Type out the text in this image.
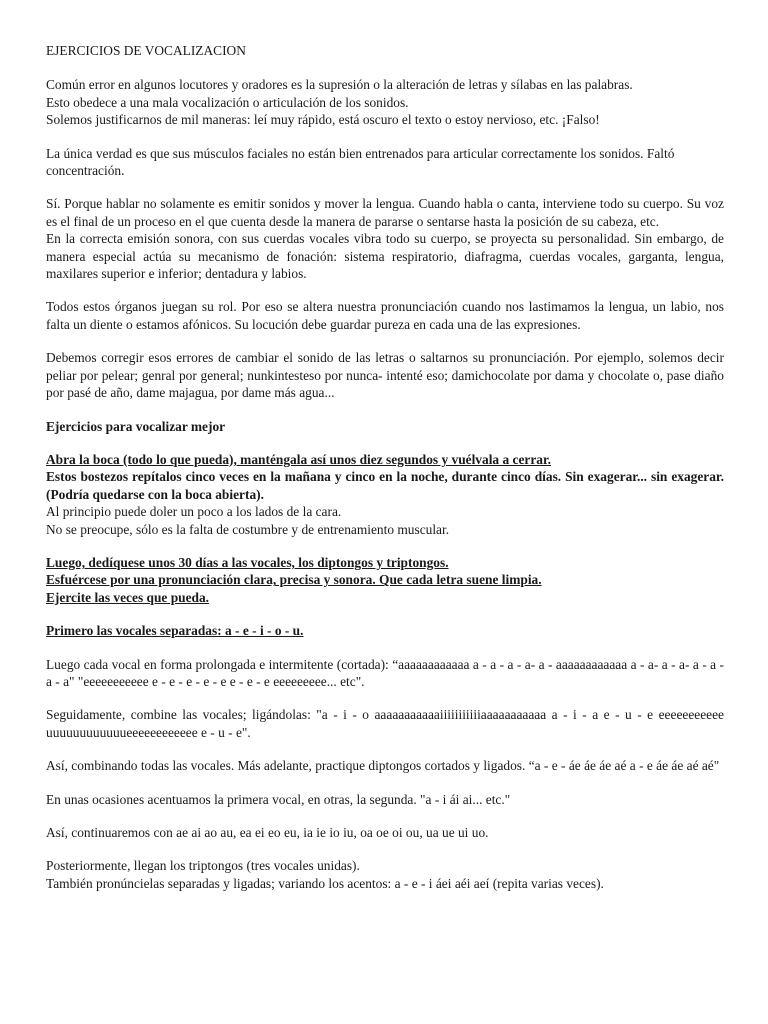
EJERCICIOS DE VOCALIZACION
Común error en algunos locutores y oradores es la supresión o la alteración de letras y sílabas en las palabras.
Esto obedece a una mala vocalización o articulación de los sonidos.
Solemos justificarnos de mil maneras: leí muy rápido, está oscuro el texto o estoy nervioso, etc. ¡Falso!
La única verdad es que sus músculos faciales no están bien entrenados para articular correctamente los sonidos. Faltó concentración.
Sí. Porque hablar no solamente es emitir sonidos y mover la lengua. Cuando habla o canta, interviene todo su cuerpo. Su voz es el final de un proceso en el que cuenta desde la manera de pararse o sentarse hasta la posición de su cabeza, etc.
En la correcta emisión sonora, con sus cuerdas vocales vibra todo su cuerpo, se proyecta su personalidad. Sin embargo, de manera especial actúa su mecanismo de fonación: sistema respiratorio, diafragma, cuerdas vocales, garganta, lengua, maxilares superior e inferior; dentadura y labios.
Todos estos órganos juegan su rol. Por eso se altera nuestra pronunciación cuando nos lastimamos la lengua, un labio, nos falta un diente o estamos afónicos. Su locución debe guardar pureza en cada una de las expresiones.
Debemos corregir esos errores de cambiar el sonido de las letras o saltarnos su pronunciación. Por ejemplo, solemos decir peliar por pelear; genral por general; nunkintesteso por nunca- intenté eso; damichocolate por dama y chocolate o, pase diaño por pasé de año, dame majagua, por dame más agua...
Ejercicios para vocalizar mejor
Abra la boca (todo lo que pueda), manténgala así unos diez segundos y vuélvala a cerrar.
Estos bostezos repítalos cinco veces en la mañana y cinco en la noche, durante cinco días. Sin exagerar... sin exagerar. (Podría quedarse con la boca abierta).
Al principio puede doler un poco a los lados de la cara.
No se preocupe, sólo es la falta de costumbre y de entrenamiento muscular.
Luego, dedíquese unos 30 días a las vocales, los diptongos y triptongos.
Esfuércese por una pronunciación clara, precisa y sonora. Que cada letra suene limpia.
Ejercite las veces que pueda.
Primero las vocales separadas: a - e - i - o - u.
Luego cada vocal en forma prolongada e intermitente (cortada): “aaaaaaaaaaaa a - a - a - a- a - aaaaaaaaaaaa a - a- a - a- a - a - a - a" "eeeeeeeeeee e - e - e - e - e e - e - e eeeeeeeee... etc".
Seguidamente, combine las vocales; ligándolas: "a - i - o aaaaaaaaaaaiiiiiiiiiiiaaaaaaaaaaa a - i - a e - u - e eeeeeeeeeee uuuuuuuuuuuueeeeeeeeeeee e - u - e".
Así, combinando todas las vocales. Más adelante, practique diptongos cortados y ligados. “a - e - áe áe áe aé a - e áe áe aé aé"
En unas ocasiones acentuamos la primera vocal, en otras, la segunda. "a - i ái ai... etc."
Así, continuaremos con ae ai ao au, ea ei eo eu, ia ie io iu, oa oe oi ou, ua ue ui uo.
Posteriormente, llegan los triptongos (tres vocales unidas).
También pronúncielas separadas y ligadas; variando los acentos: a - e - i áei aéi aeí (repita varias veces).
